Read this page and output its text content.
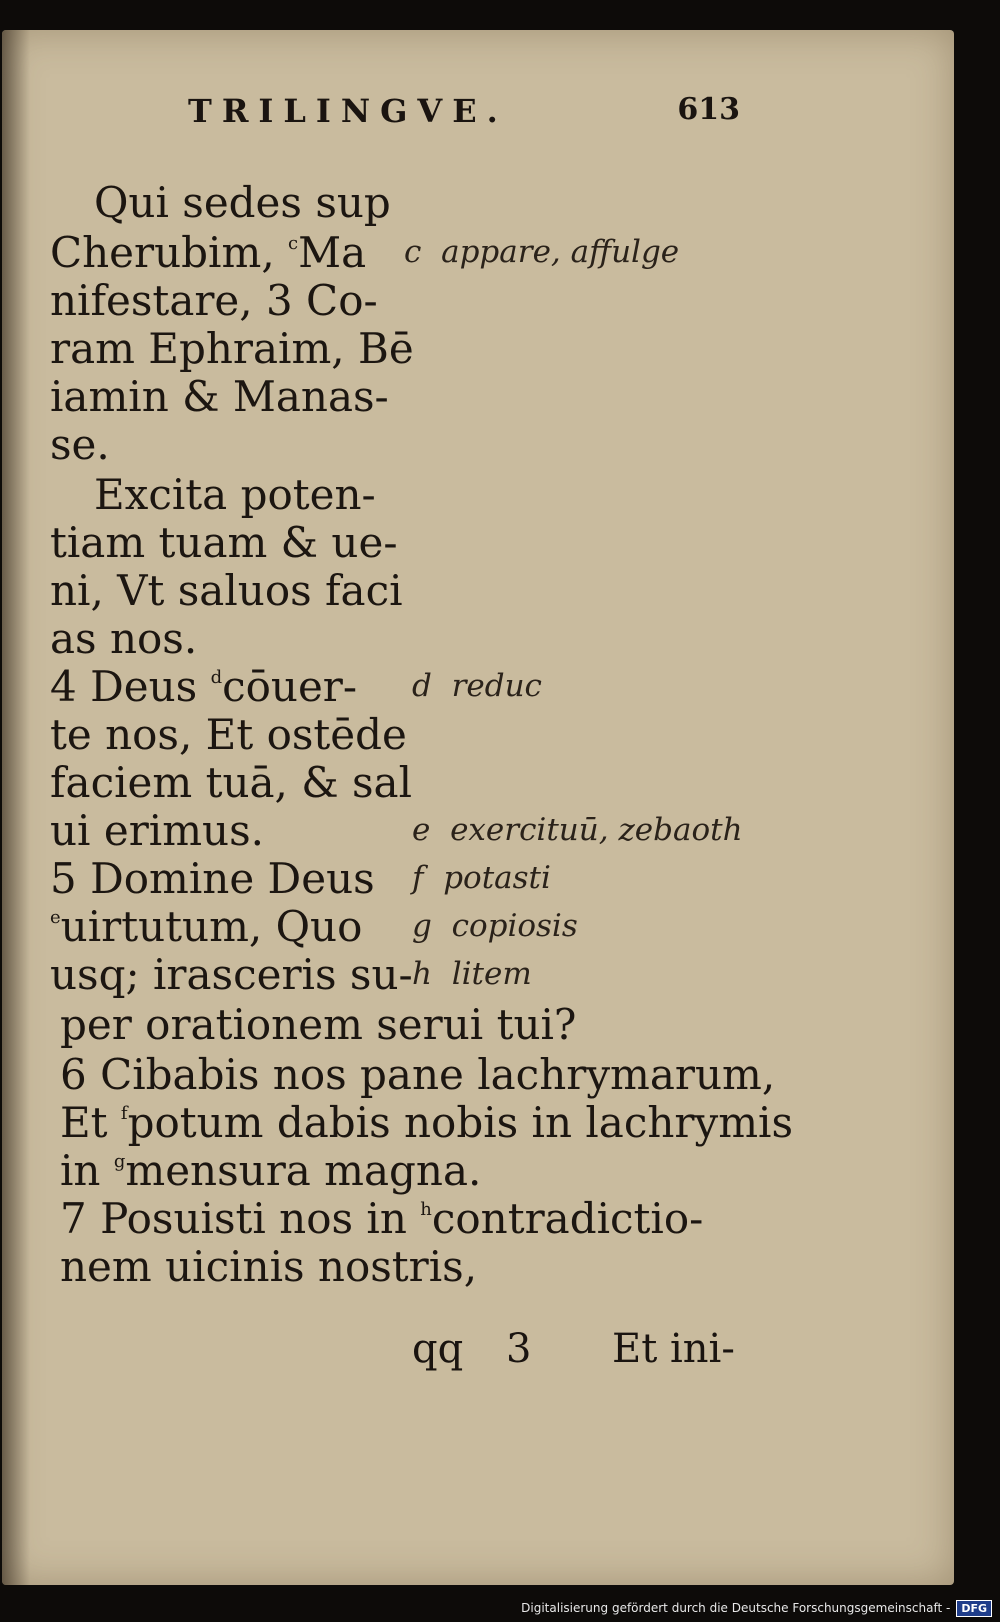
TRILINGVE.	613
Qui sedes sup
Cherubim, $^c$Ma
nifestare, 3 Co-
ram Ephraim, Bē
iamin & Manas-
se.
Excita poten-
tiam tuam & ue-
ni, Vt saluos faci
as nos.
4 Deus $^d$cōuer-
te nos, Et ostēde
faciem tuā, & sal
ui erimus.
5 Domine Deus
$^e$uirtutum, Quo
usq; irasceris su-
per orationem serui tui?
6 Cibabis nos pane lachrymarum,
Et $^f$potum dabis nobis in lachrymis
in $^g$mensura magna.
7 Posuisti nos in $^h$contradictio-
nem uicinis nostris,
c appare, affulge
d reduc
e exercituū, zebaoth
f potasti
g copiosis
h litem
qq 3 Et ini-
Digitalisierung gefördert durch die Deutsche Forschungsgemeinschaft -	DFG
